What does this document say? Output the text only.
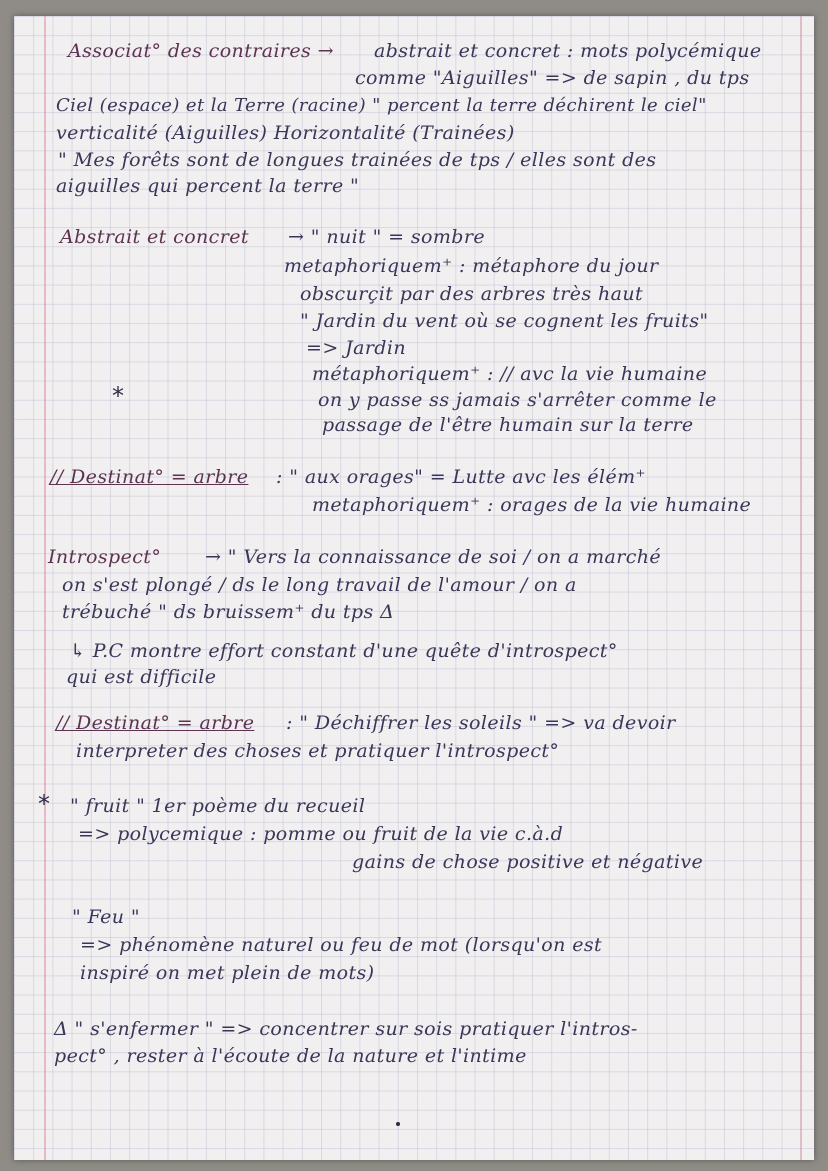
Associat° des contraires → abstrait et concret : mots polycémique
comme "Aiguilles" => de sapin , du tps
Ciel (espace) et la Terre (racine) " percent la terre déchirent le ciel"
verticalité (Aiguilles) Horizontalité (Trainées)
" Mes forêts sont de longues trainées de tps / elles sont des
aiguilles qui percent la terre "
Abstrait et concret → " nuit " = sombre
metaphoriquem⁺ : métaphore du jour
obscurçit par des arbres très haut
" Jardin du vent où se cognent les fruits"
=> Jardin
métaphoriquem⁺ : // avc la vie humaine
*	on y passe ss jamais s'arrêter comme le
passage de l'être humain sur la terre
// Destinat° = arbre : " aux orages" = Lutte avc les élém⁺
metaphoriquem⁺ : orages de la vie humaine
Introspect° → " Vers la connaissance de soi / on a marché
on s'est plongé / ds le long travail de l'amour / on a
trébuché " ds bruissem⁺ du tps Δ
↳ P.C montre effort constant d'une quête d'introspect°
qui est difficile
// Destinat° = arbre : " Déchiffrer les soleils " => va devoir
interpreter des choses et pratiquer l'introspect°
* " fruit " 1er poème du recueil
=> polycemique : pomme ou fruit de la vie c.à.d
gains de chose positive et négative
" Feu "
=> phénomène naturel ou feu de mot (lorsqu'on est
inspiré on met plein de mots)
Δ " s'enfermer " => concentrer sur sois pratiquer l'intros-
pect° , rester à l'écoute de la nature et l'intime
